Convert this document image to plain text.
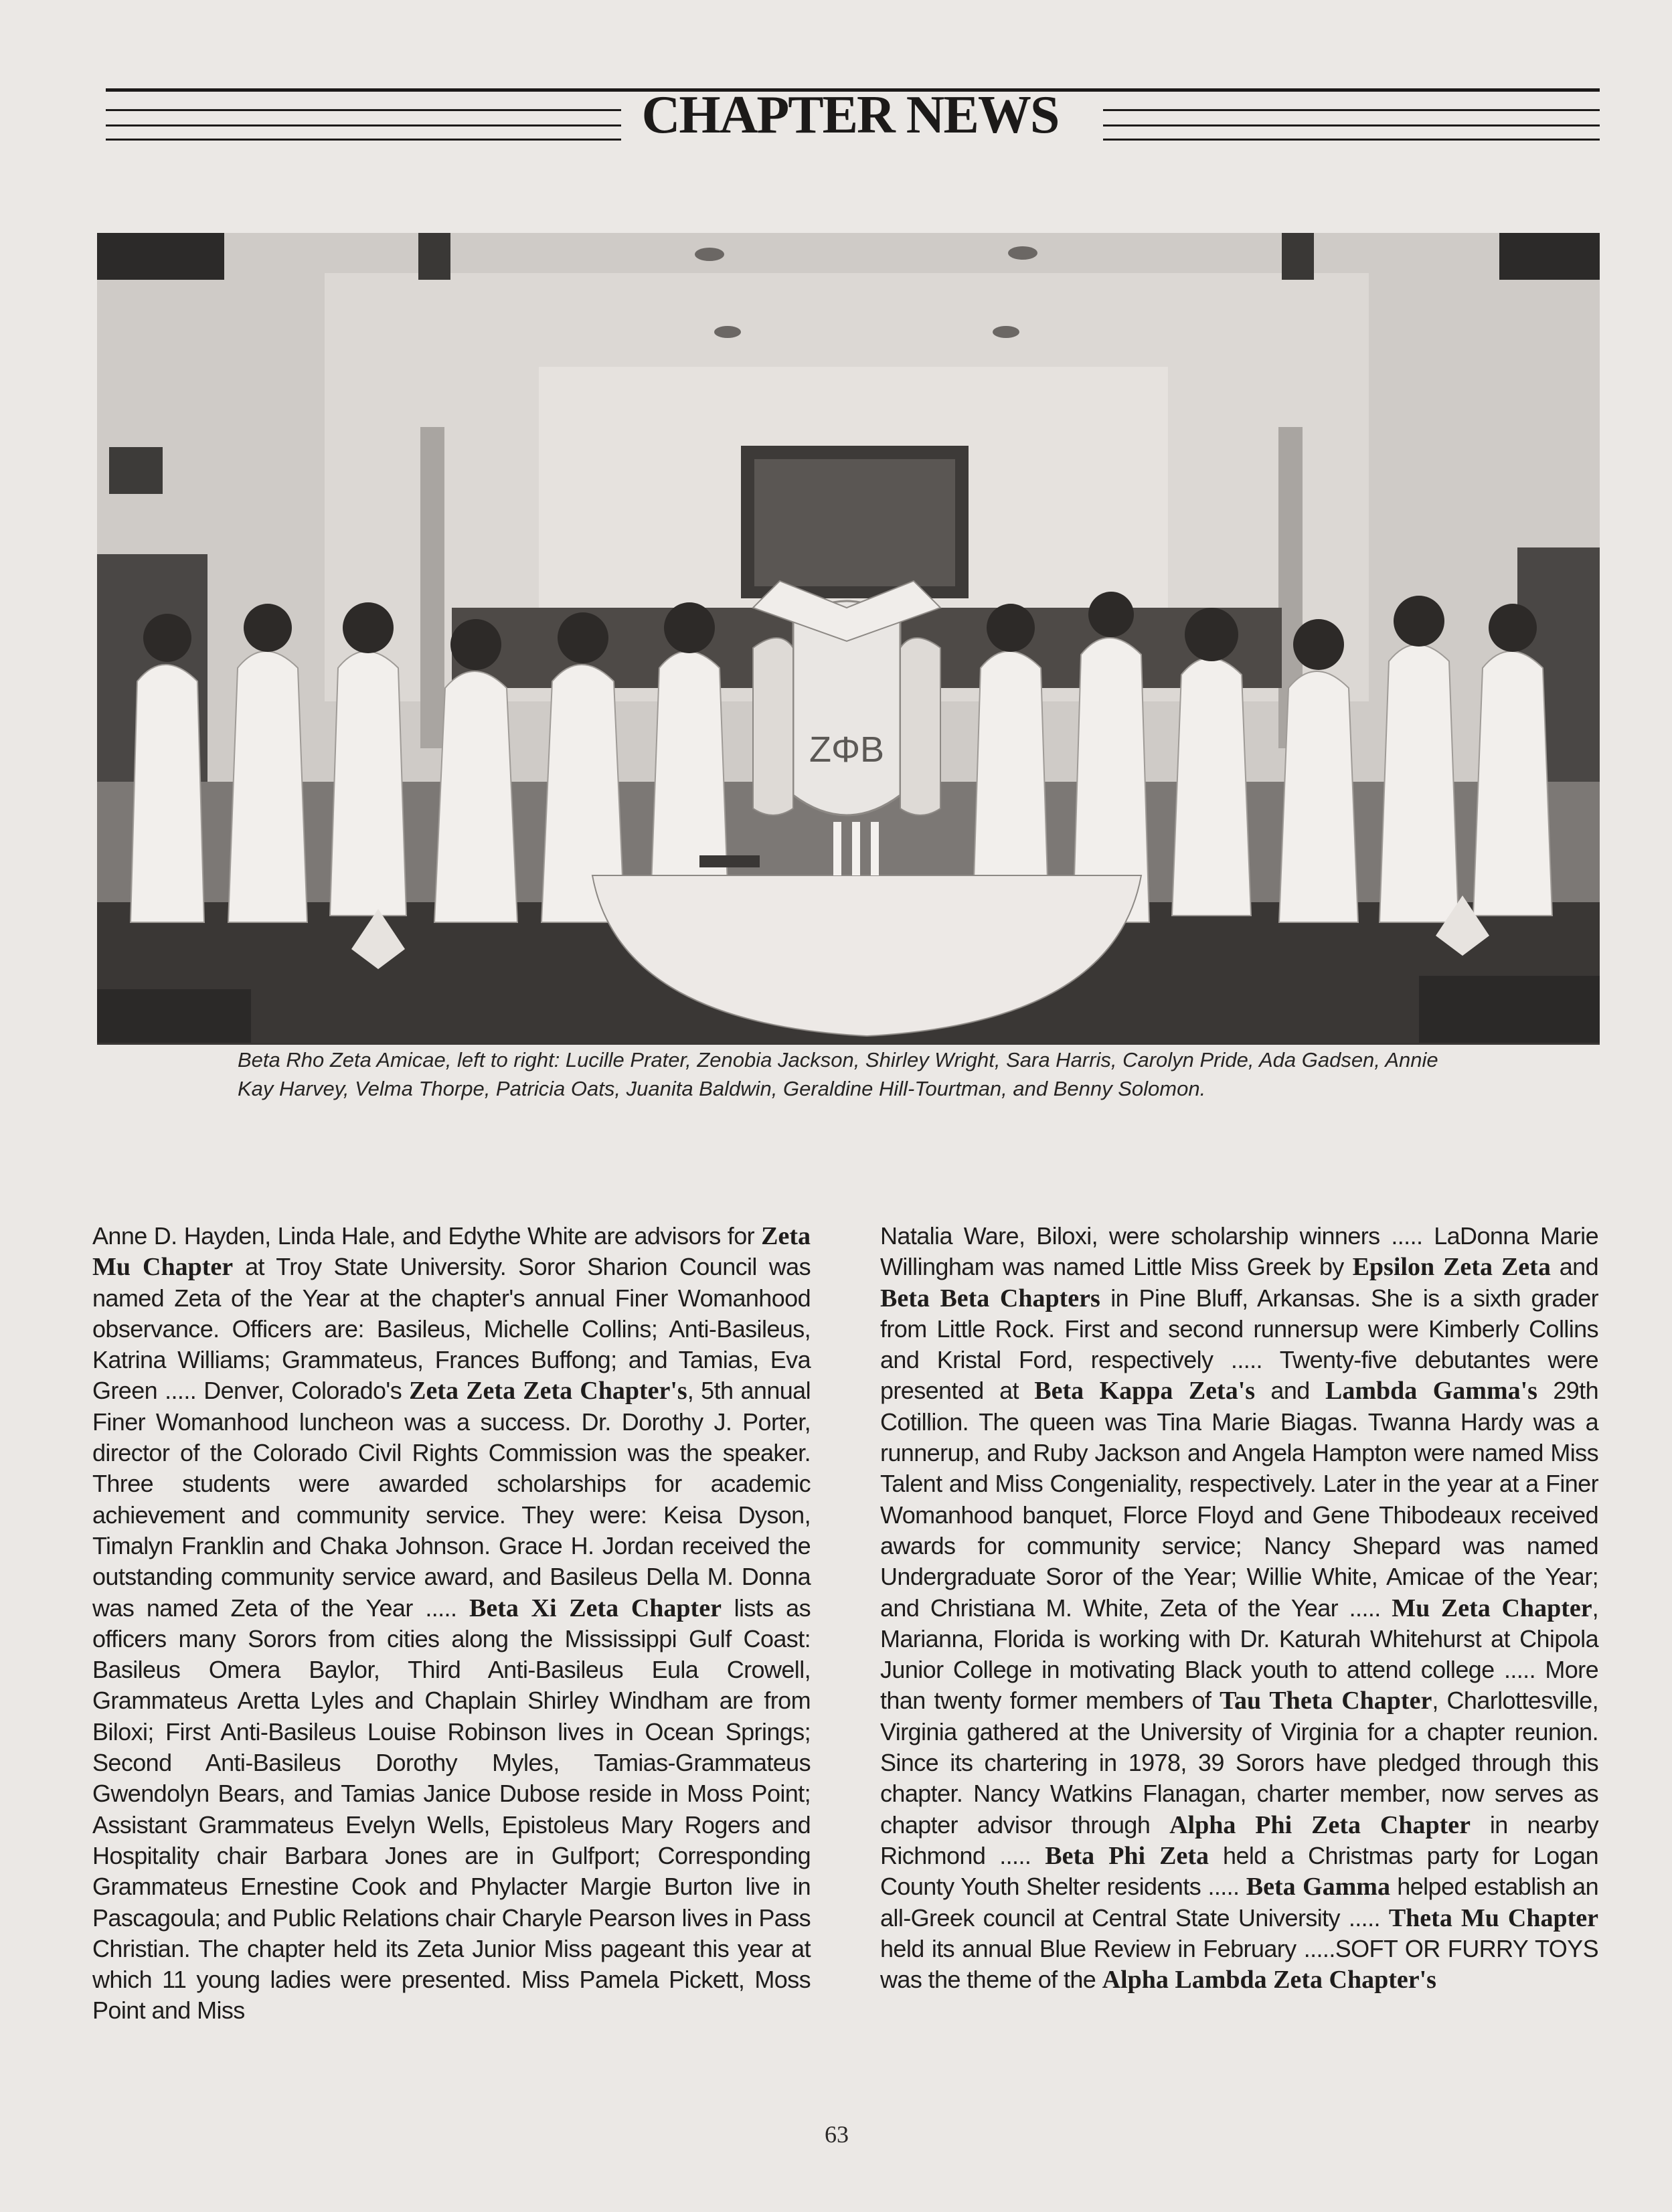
CHAPTER NEWS
ZΦB
Beta Rho Zeta Amicae, left to right: Lucille Prater, Zenobia Jackson, Shirley Wright, Sara Harris, Carolyn Pride, Ada Gadsen, Annie Kay Harvey, Velma Thorpe, Patricia Oats, Juanita Baldwin, Geraldine Hill-Tourtman, and Benny Solomon.
Anne D. Hayden, Linda Hale, and Edythe White are advisors for Zeta Mu Chapter at Troy State University. Soror Sharion Council was named Zeta of the Year at the chapter's annual Finer Womanhood observance. Officers are: Basileus, Michelle Collins; Anti-Basileus, Katrina Williams; Grammateus, Frances Buffong; and Tamias, Eva Green ..... Denver, Colorado's Zeta Zeta Zeta Chapter's, 5th annual Finer Womanhood luncheon was a success. Dr. Dorothy J. Porter, director of the Colorado Civil Rights Commission was the speaker. Three students were awarded scholarships for academic achievement and community service. They were: Keisa Dyson, Timalyn Franklin and Chaka Johnson. Grace H. Jordan received the outstanding community service award, and Basileus Della M. Donna was named Zeta of the Year ..... Beta Xi Zeta Chapter lists as officers many Sorors from cities along the Mississippi Gulf Coast: Basileus Omera Baylor, Third Anti-Basileus Eula Crowell, Grammateus Aretta Lyles and Chaplain Shirley Windham are from Biloxi; First Anti-Basileus Louise Robinson lives in Ocean Springs; Second Anti-Basileus Dorothy Myles, Tamias-Grammateus Gwendolyn Bears, and Tamias Janice Dubose reside in Moss Point; Assistant Grammateus Evelyn Wells, Epistoleus Mary Rogers and Hospitality chair Barbara Jones are in Gulfport; Corresponding Grammateus Ernestine Cook and Phylacter Margie Burton live in Pascagoula; and Public Relations chair Charyle Pearson lives in Pass Christian. The chapter held its Zeta Junior Miss pageant this year at which 11 young ladies were presented. Miss Pamela Pickett, Moss Point and Miss
Natalia Ware, Biloxi, were scholarship winners ..... LaDonna Marie Willingham was named Little Miss Greek by Epsilon Zeta Zeta and Beta Beta Chapters in Pine Bluff, Arkansas. She is a sixth grader from Little Rock. First and second runnersup were Kimberly Collins and Kristal Ford, respectively ..... Twenty-five debutantes were presented at Beta Kappa Zeta's and Lambda Gamma's 29th Cotillion. The queen was Tina Marie Biagas. Twanna Hardy was a runnerup, and Ruby Jackson and Angela Hampton were named Miss Talent and Miss Congeniality, respectively. Later in the year at a Finer Womanhood banquet, Florce Floyd and Gene Thibodeaux received awards for community service; Nancy Shepard was named Undergraduate Soror of the Year; Willie White, Amicae of the Year; and Christiana M. White, Zeta of the Year ..... Mu Zeta Chapter, Marianna, Florida is working with Dr. Katurah Whitehurst at Chipola Junior College in motivating Black youth to attend college ..... More than twenty former members of Tau Theta Chapter, Charlottesville, Virginia gathered at the University of Virginia for a chapter reunion. Since its chartering in 1978, 39 Sorors have pledged through this chapter. Nancy Watkins Flanagan, charter member, now serves as chapter advisor through Alpha Phi Zeta Chapter in nearby Richmond ..... Beta Phi Zeta held a Christmas party for Logan County Youth Shelter residents ..... Beta Gamma helped establish an all-Greek council at Central State University ..... Theta Mu Chapter held its annual Blue Review in February .....SOFT OR FURRY TOYS was the theme of the Alpha Lambda Zeta Chapter's
63
